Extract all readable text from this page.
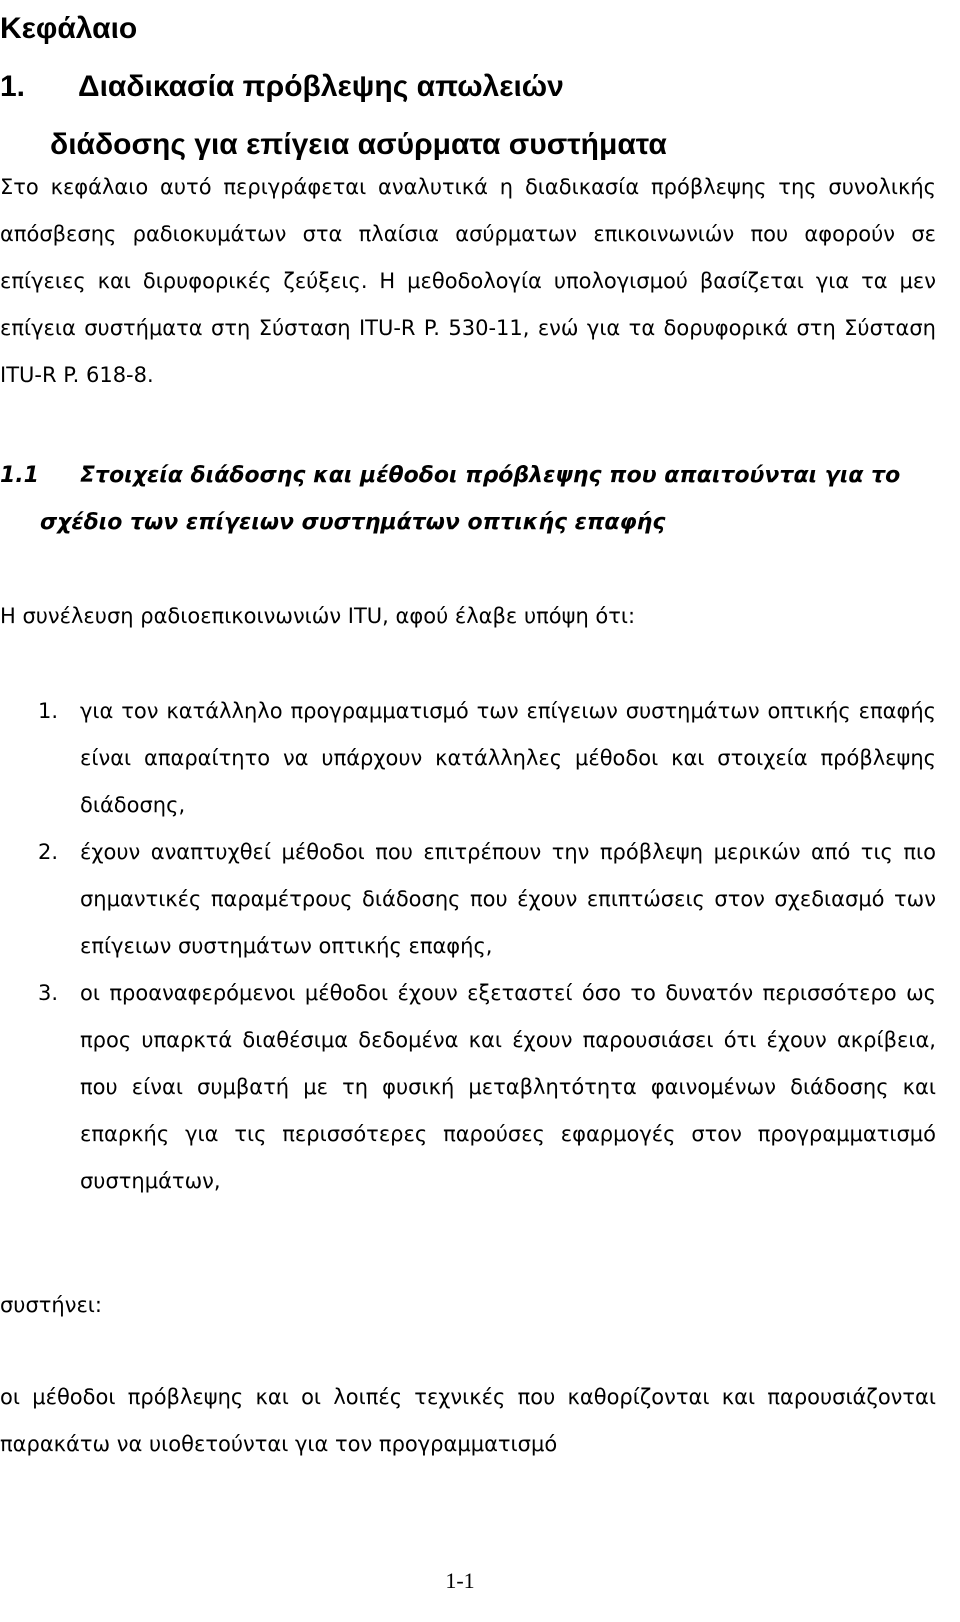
Κεφάλαιο 1. Διαδικασία πρόβλεψης απωλειών
διάδοσης για επίγεια ασύρματα συστήματα

Στο κεφάλαιο αυτό περιγράφεται αναλυτικά η διαδικασία πρόβλεψης της συνολικής απόσβεσης ραδιοκυμάτων στα πλαίσια ασύρματων επικοινωνιών που αφορούν σε επίγειες και διρυφορικές ζεύξεις. Η μεθοδολογία υπολογισμού βασίζεται για τα μεν επίγεια συστήματα στη Σύσταση ITU-R P. 530-11, ενώ για τα δορυφορικά στη Σύσταση ITU-R P. 618-8.

1.1 Στοιχεία διάδοσης και μέθοδοι πρόβλεψης που απαιτούνται για το
σχέδιο των επίγειων συστημάτων οπτικής επαφής

Η συνέλευση ραδιοεπικοινωνιών ITU, αφού έλαβε υπόψη ότι:

1. για τον κατάλληλο προγραμματισμό των επίγειων συστημάτων οπτικής επαφής είναι απαραίτητο να υπάρχουν κατάλληλες μέθοδοι και στοιχεία πρόβλεψης διάδοσης,
2. έχουν αναπτυχθεί μέθοδοι που επιτρέπουν την πρόβλεψη μερικών από τις πιο σημαντικές παραμέτρους διάδοσης που έχουν επιπτώσεις στον σχεδιασμό των επίγειων συστημάτων οπτικής επαφής,
3. οι προαναφερόμενοι μέθοδοι έχουν εξεταστεί όσο το δυνατόν περισσότερο ως προς υπαρκτά διαθέσιμα δεδομένα και έχουν παρουσιάσει ότι έχουν ακρίβεια, που είναι συμβατή με τη φυσική μεταβλητότητα φαινομένων διάδοσης και επαρκής για τις περισσότερες παρούσες εφαρμογές στον προγραμματισμό συστημάτων,

συστήνει:

οι μέθοδοι πρόβλεψης και οι λοιπές τεχνικές που καθορίζονται και παρουσιάζονται παρακάτω να υιοθετούνται για τον προγραμματισμό

1-1
